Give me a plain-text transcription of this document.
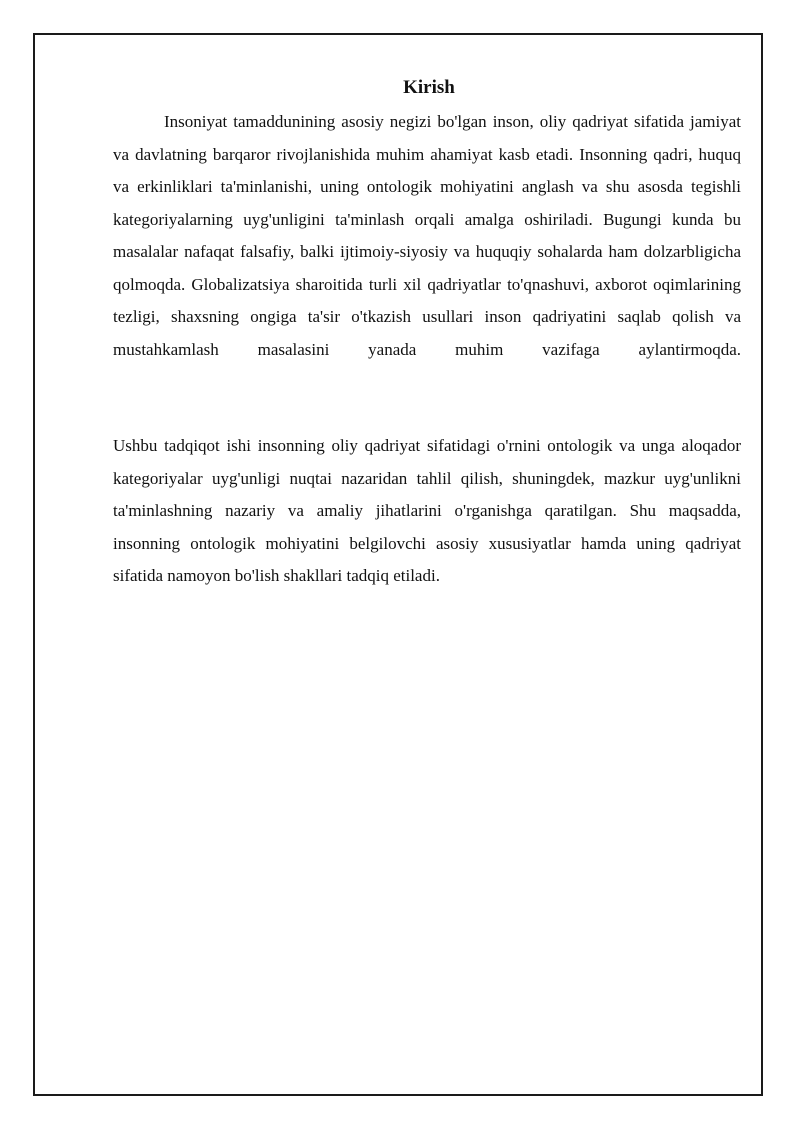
Kirish

Insoniyat tamaddunining asosiy negizi bo'lgan inson, oliy qadriyat sifatida jamiyat va davlatning barqaror rivojlanishida muhim ahamiyat kasb etadi. Insonning qadri, huquq va erkinliklari ta'minlanishi, uning ontologik mohiyatini anglash va shu asosda tegishli kategoriyalarning uyg'unligini ta'minlash orqali amalga oshiriladi. Bugungi kunda bu masalalar nafaqat falsafiy, balki ijtimoiy-siyosiy va huquqiy sohalarda ham dolzarbligicha qolmoqda. Globalizatsiya sharoitida turli xil qadriyatlar to'qnashuvi, axborot oqimlarining tezligi, shaxsning ongiga ta'sir o'tkazish usullari inson qadriyatini saqlab qolish va mustahkamlash masalasini yanada muhim vazifaga aylantirmoqda.

Ushbu tadqiqot ishi insonning oliy qadriyat sifatidagi o'rnini ontologik va unga aloqador kategoriyalar uyg'unligi nuqtai nazaridan tahlil qilish, shuningdek, mazkur uyg'unlikni ta'minlashning nazariy va amaliy jihatlarini o'rganishga qaratilgan. Shu maqsadda, insonning ontologik mohiyatini belgilovchi asosiy xususiyatlar hamda uning qadriyat sifatida namoyon bo'lish shakllari tadqiq etiladi.
